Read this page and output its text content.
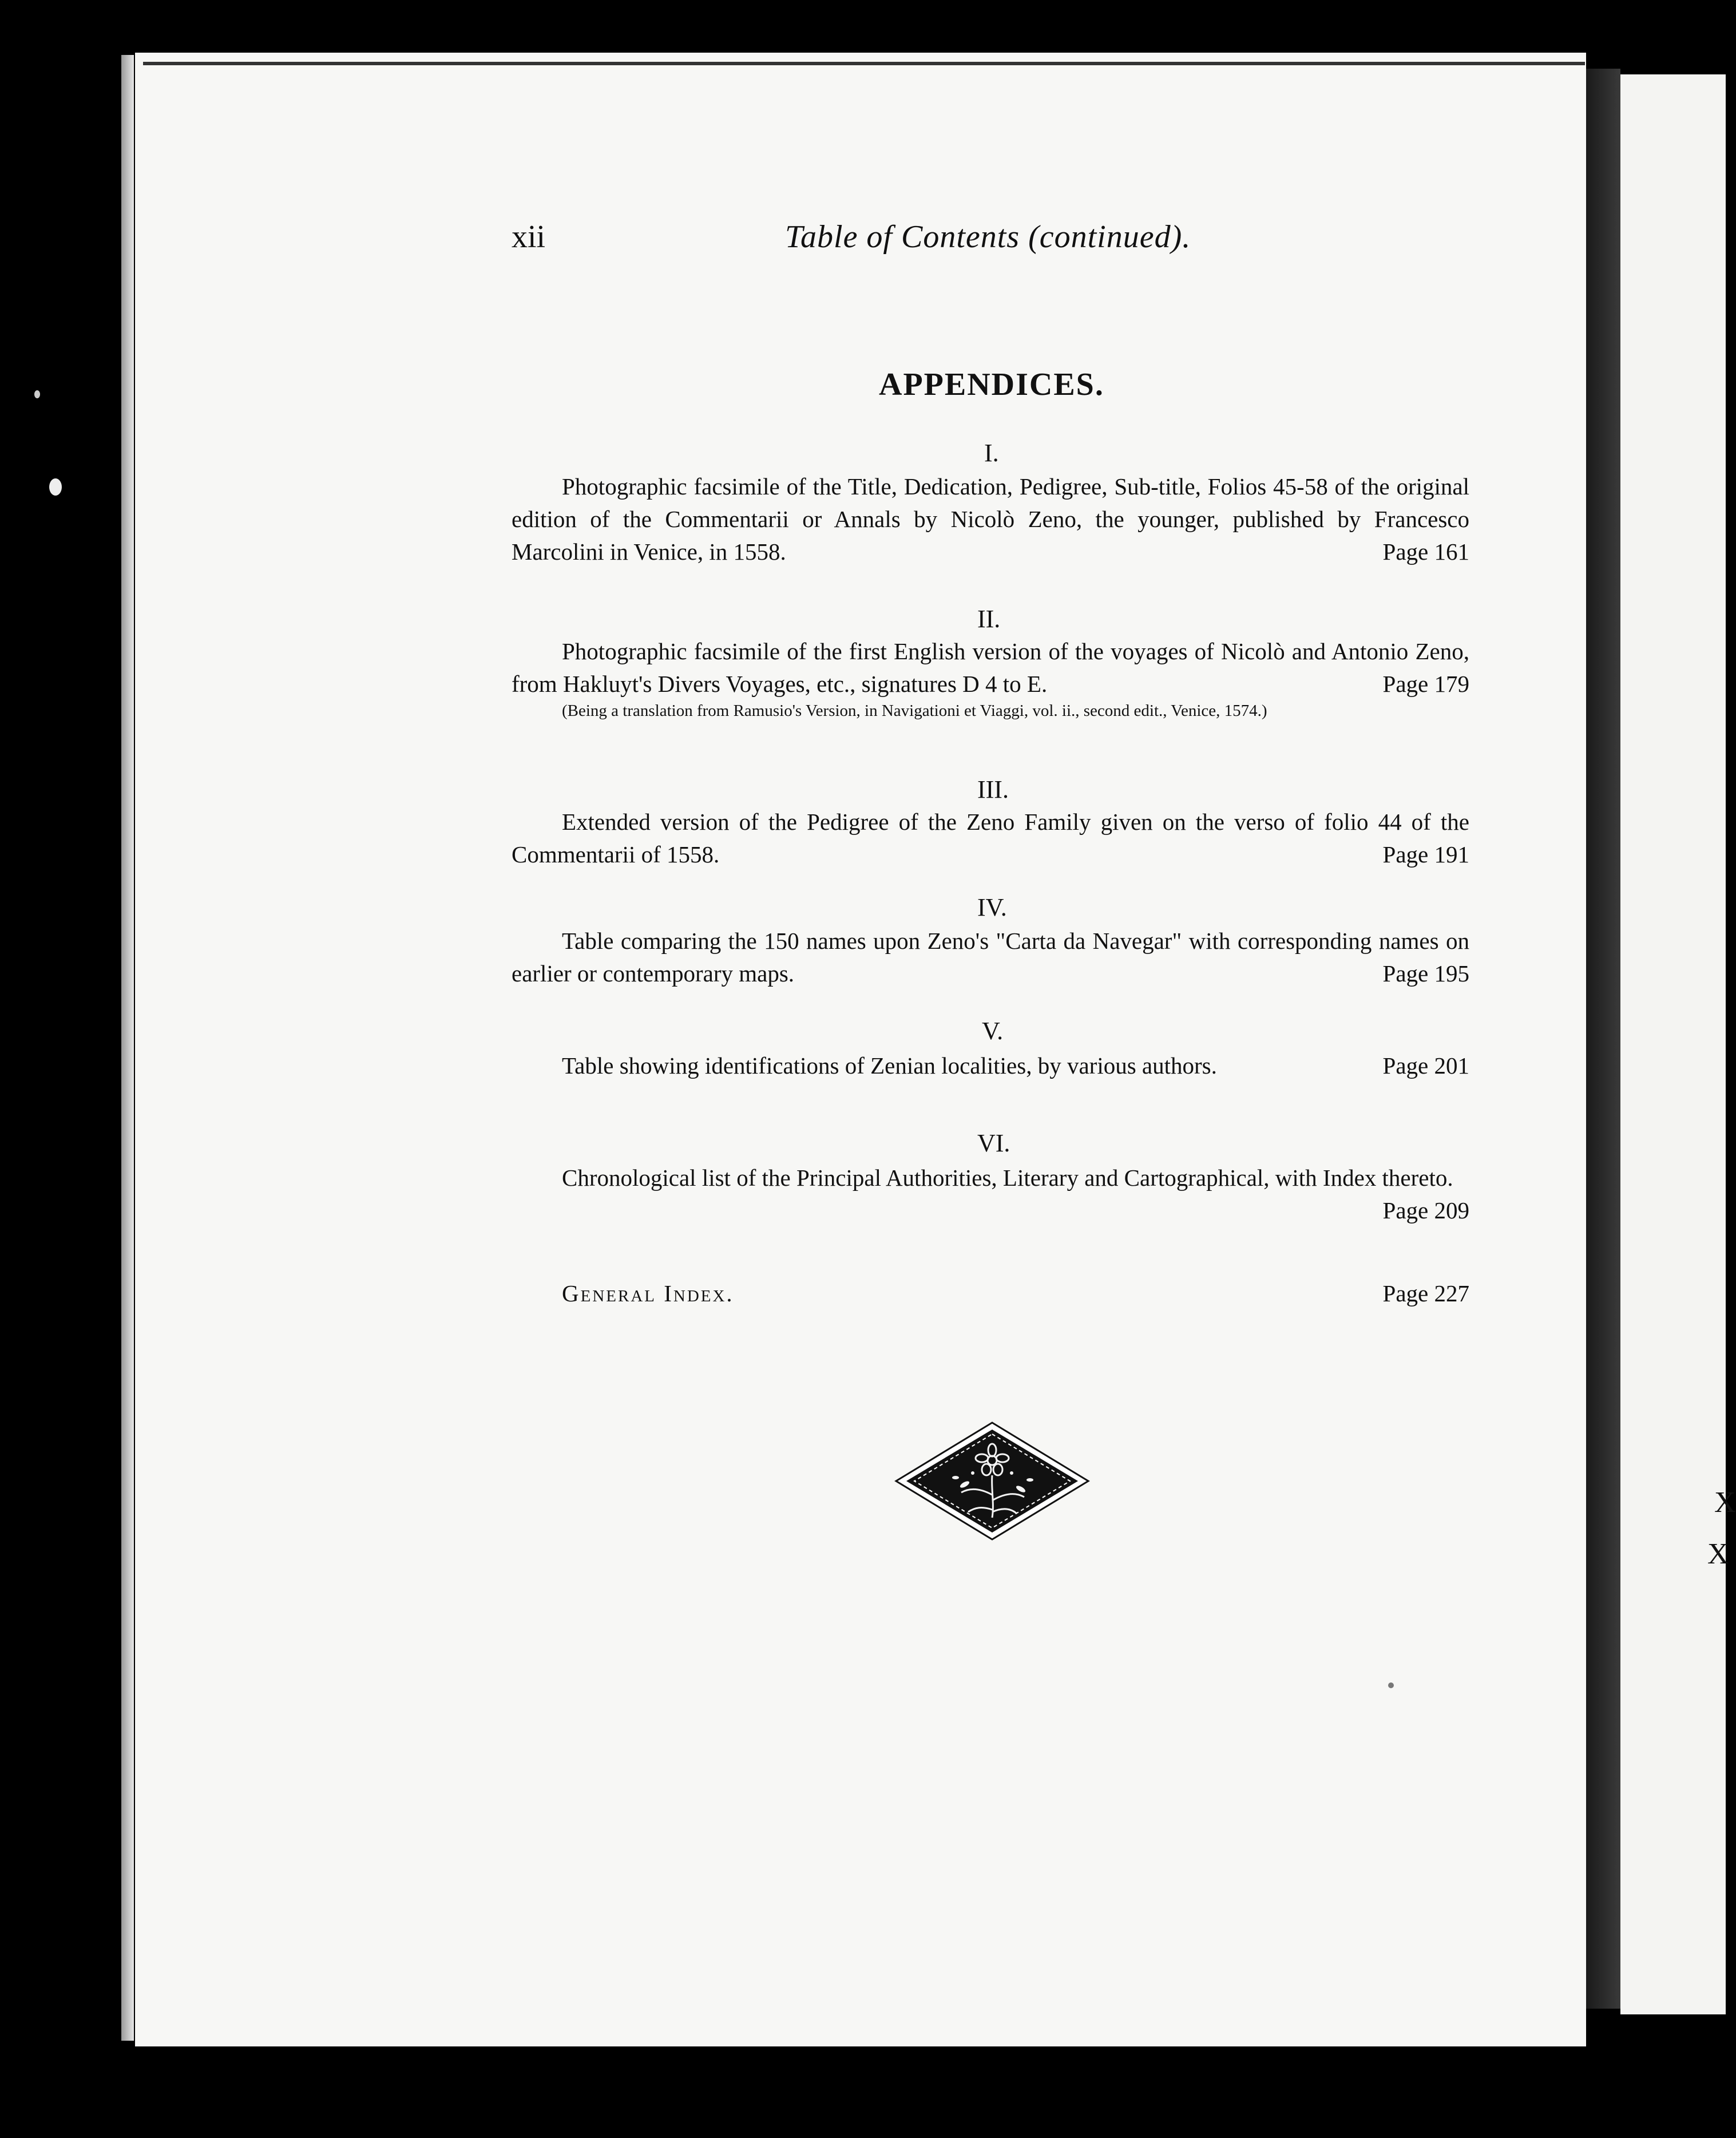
X
X
xii	Table of Contents (continued).
APPENDICES.
I.
Photographic facsimile of the Title, Dedication, Pedigree, Sub-title, Folios 45-58 of the original edition of the Commentarii or Annals by Nicolò Zeno, the younger, published by Francesco Marcolini in Venice, in 1558.	Page 161
II.
Photographic facsimile of the first English version of the voyages of Nicolò and Antonio Zeno, from Hakluyt's Divers Voyages, etc., signatures D 4 to E.	Page 179
(Being a translation from Ramusio's Version, in Navigationi et Viaggi, vol. ii., second edit., Venice, 1574.)
III.
Extended version of the Pedigree of the Zeno Family given on the verso of folio 44 of the Commentarii of 1558.	Page 191
IV.
Table comparing the 150 names upon Zeno's "Carta da Navegar" with corresponding names on earlier or contemporary maps.	Page 195
V.
Table showing identifications of Zenian localities, by various authors.	Page 201
VI.
Chronological list of the Principal Authorities, Literary and Cartographical, with Index thereto.
Page 209
General Index.	Page 227
